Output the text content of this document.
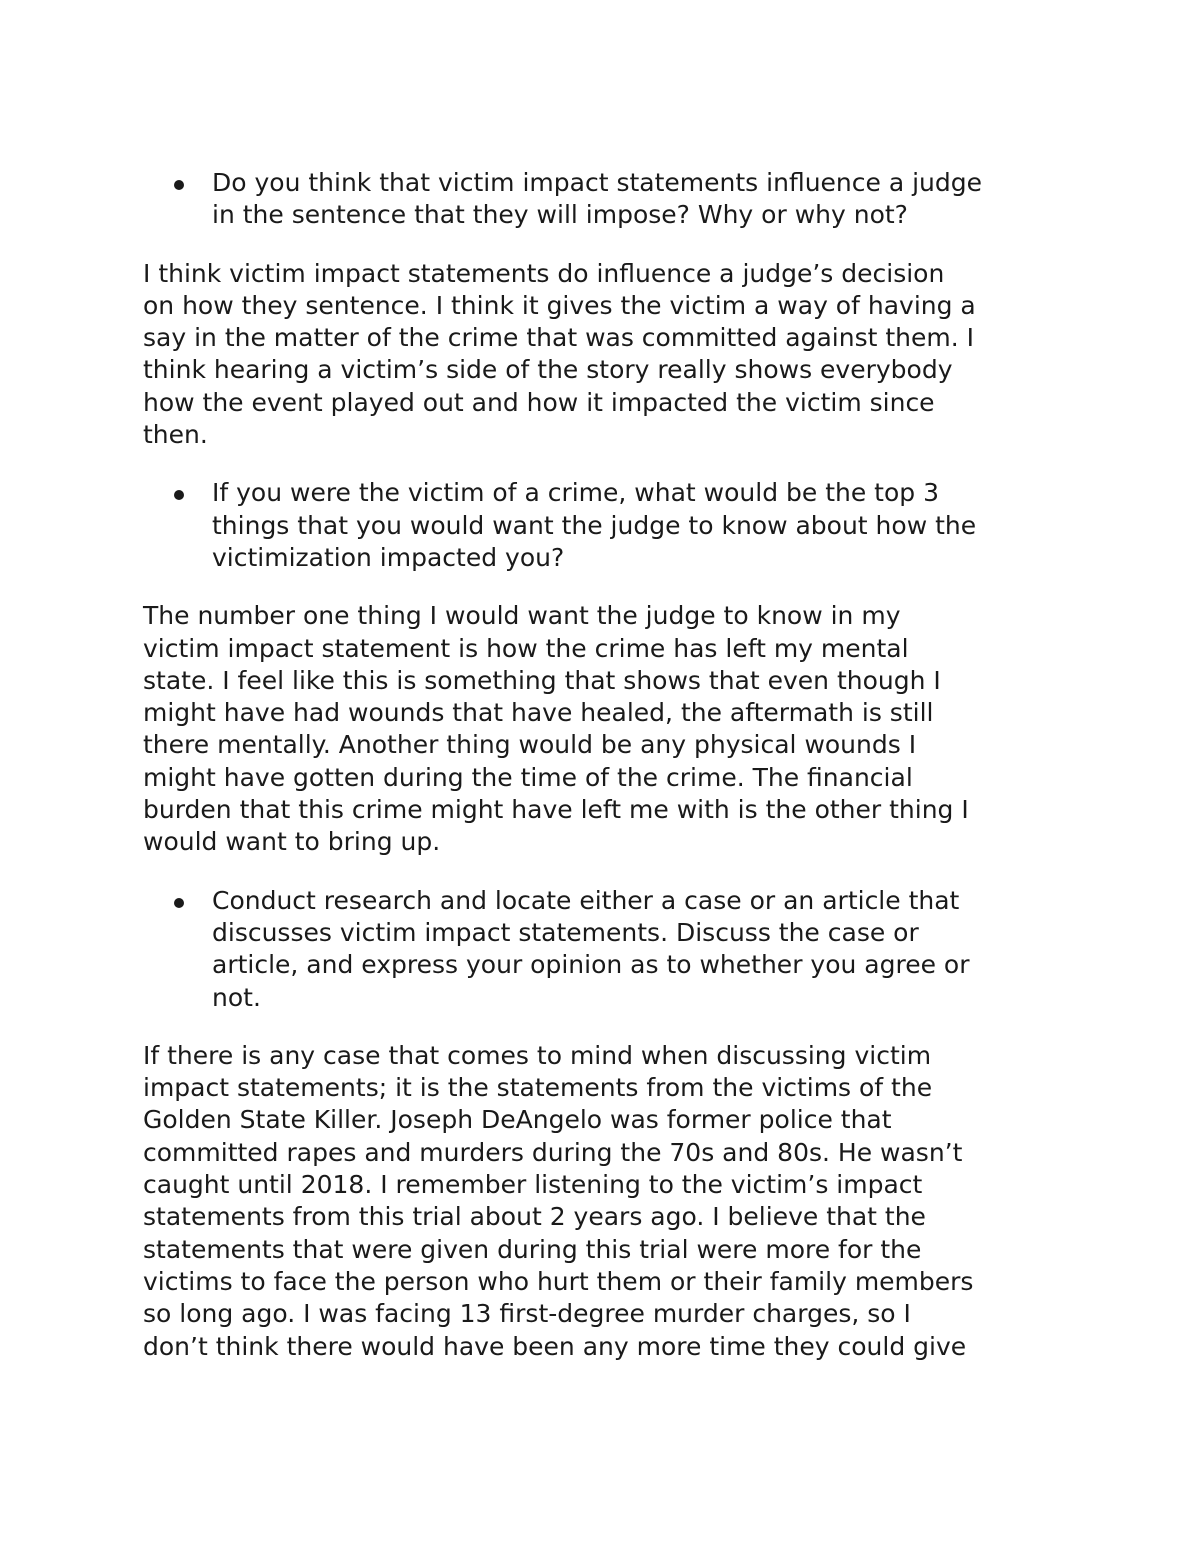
Do you think that victim impact statements influence a judge
in the sentence that they will impose? Why or why not?
I think victim impact statements do influence a judge’s decision
on how they sentence. I think it gives the victim a way of having a
say in the matter of the crime that was committed against them. I
think hearing a victim’s side of the story really shows everybody
how the event played out and how it impacted the victim since
then.
If you were the victim of a crime, what would be the top 3
things that you would want the judge to know about how the
victimization impacted you?
The number one thing I would want the judge to know in my
victim impact statement is how the crime has left my mental
state. I feel like this is something that shows that even though I
might have had wounds that have healed, the aftermath is still
there mentally. Another thing would be any physical wounds I
might have gotten during the time of the crime. The financial
burden that this crime might have left me with is the other thing I
would want to bring up.
Conduct research and locate either a case or an article that
discusses victim impact statements. Discuss the case or
article, and express your opinion as to whether you agree or
not.
If there is any case that comes to mind when discussing victim
impact statements; it is the statements from the victims of the
Golden State Killer. Joseph DeAngelo was former police that
committed rapes and murders during the 70s and 80s. He wasn’t
caught until 2018. I remember listening to the victim’s impact
statements from this trial about 2 years ago. I believe that the
statements that were given during this trial were more for the
victims to face the person who hurt them or their family members
so long ago. I was facing 13 first-degree murder charges, so I
don’t think there would have been any more time they could give
